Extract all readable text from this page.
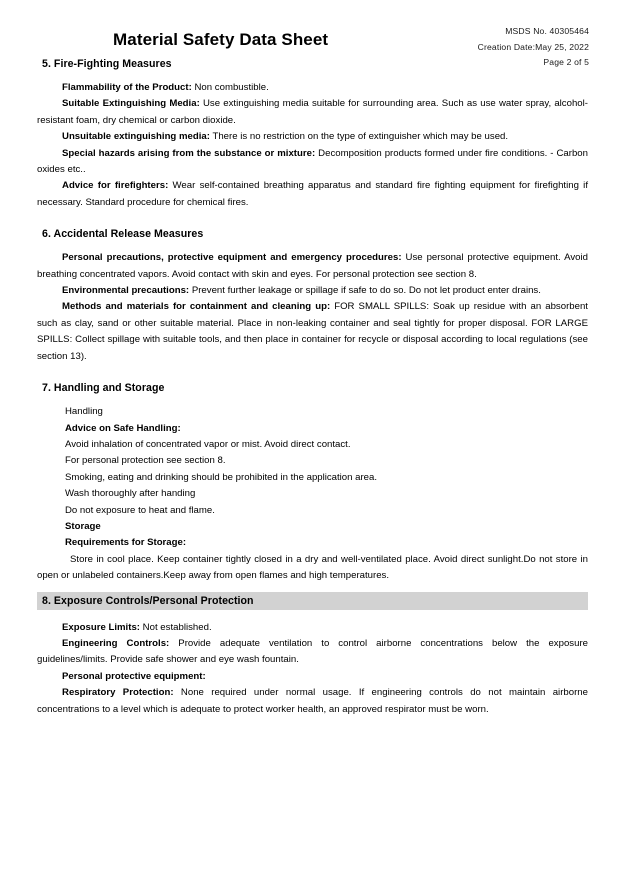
Material Safety Data Sheet	MSDS No. 40305464
Creation Date:May 25, 2022
Page 2 of 5
5. Fire-Fighting Measures

Flammability of the Product: Non combustible.

Suitable Extinguishing Media: Use extinguishing media suitable for surrounding area. Such as use water spray, alcohol-resistant foam, dry chemical or carbon dioxide.

Unsuitable extinguishing media: There is no restriction on the type of extinguisher which may be used.

Special hazards arising from the substance or mixture: Decomposition products formed under fire conditions. - Carbon oxides etc..

Advice for firefighters: Wear self-contained breathing apparatus and standard fire fighting equipment for firefighting if necessary. Standard procedure for chemical fires.

6. Accidental Release Measures

Personal precautions, protective equipment and emergency procedures: Use personal protective equipment. Avoid breathing concentrated vapors. Avoid contact with skin and eyes. For personal protection see section 8.

Environmental precautions: Prevent further leakage or spillage if safe to do so. Do not let product enter drains.

Methods and materials for containment and cleaning up: FOR SMALL SPILLS: Soak up residue with an absorbent such as clay, sand or other suitable material. Place in non-leaking container and seal tightly for proper disposal. FOR LARGE SPILLS: Collect spillage with suitable tools, and then place in container for recycle or disposal according to local regulations (see section 13).

7. Handling and Storage
Handling
Advice on Safe Handling:
Avoid inhalation of concentrated vapor or mist. Avoid direct contact.
For personal protection see section 8.
Smoking, eating and drinking should be prohibited in the application area.
Wash thoroughly after handing
Do not exposure to heat and flame.
Storage
Requirements for Storage:
Store in cool place. Keep container tightly closed in a dry and well-ventilated place. Avoid direct sunlight.Do not store in open or unlabeled containers.Keep away from open flames and high temperatures.
8. Exposure Controls/Personal Protection

Exposure Limits: Not established.

Engineering Controls: Provide adequate ventilation to control airborne concentrations below the exposure guidelines/limits. Provide safe shower and eye wash fountain.

Personal protective equipment:

Respiratory Protection: None required under normal usage. If engineering controls do not maintain airborne concentrations to a level which is adequate to protect worker health, an approved respirator must be worn.
